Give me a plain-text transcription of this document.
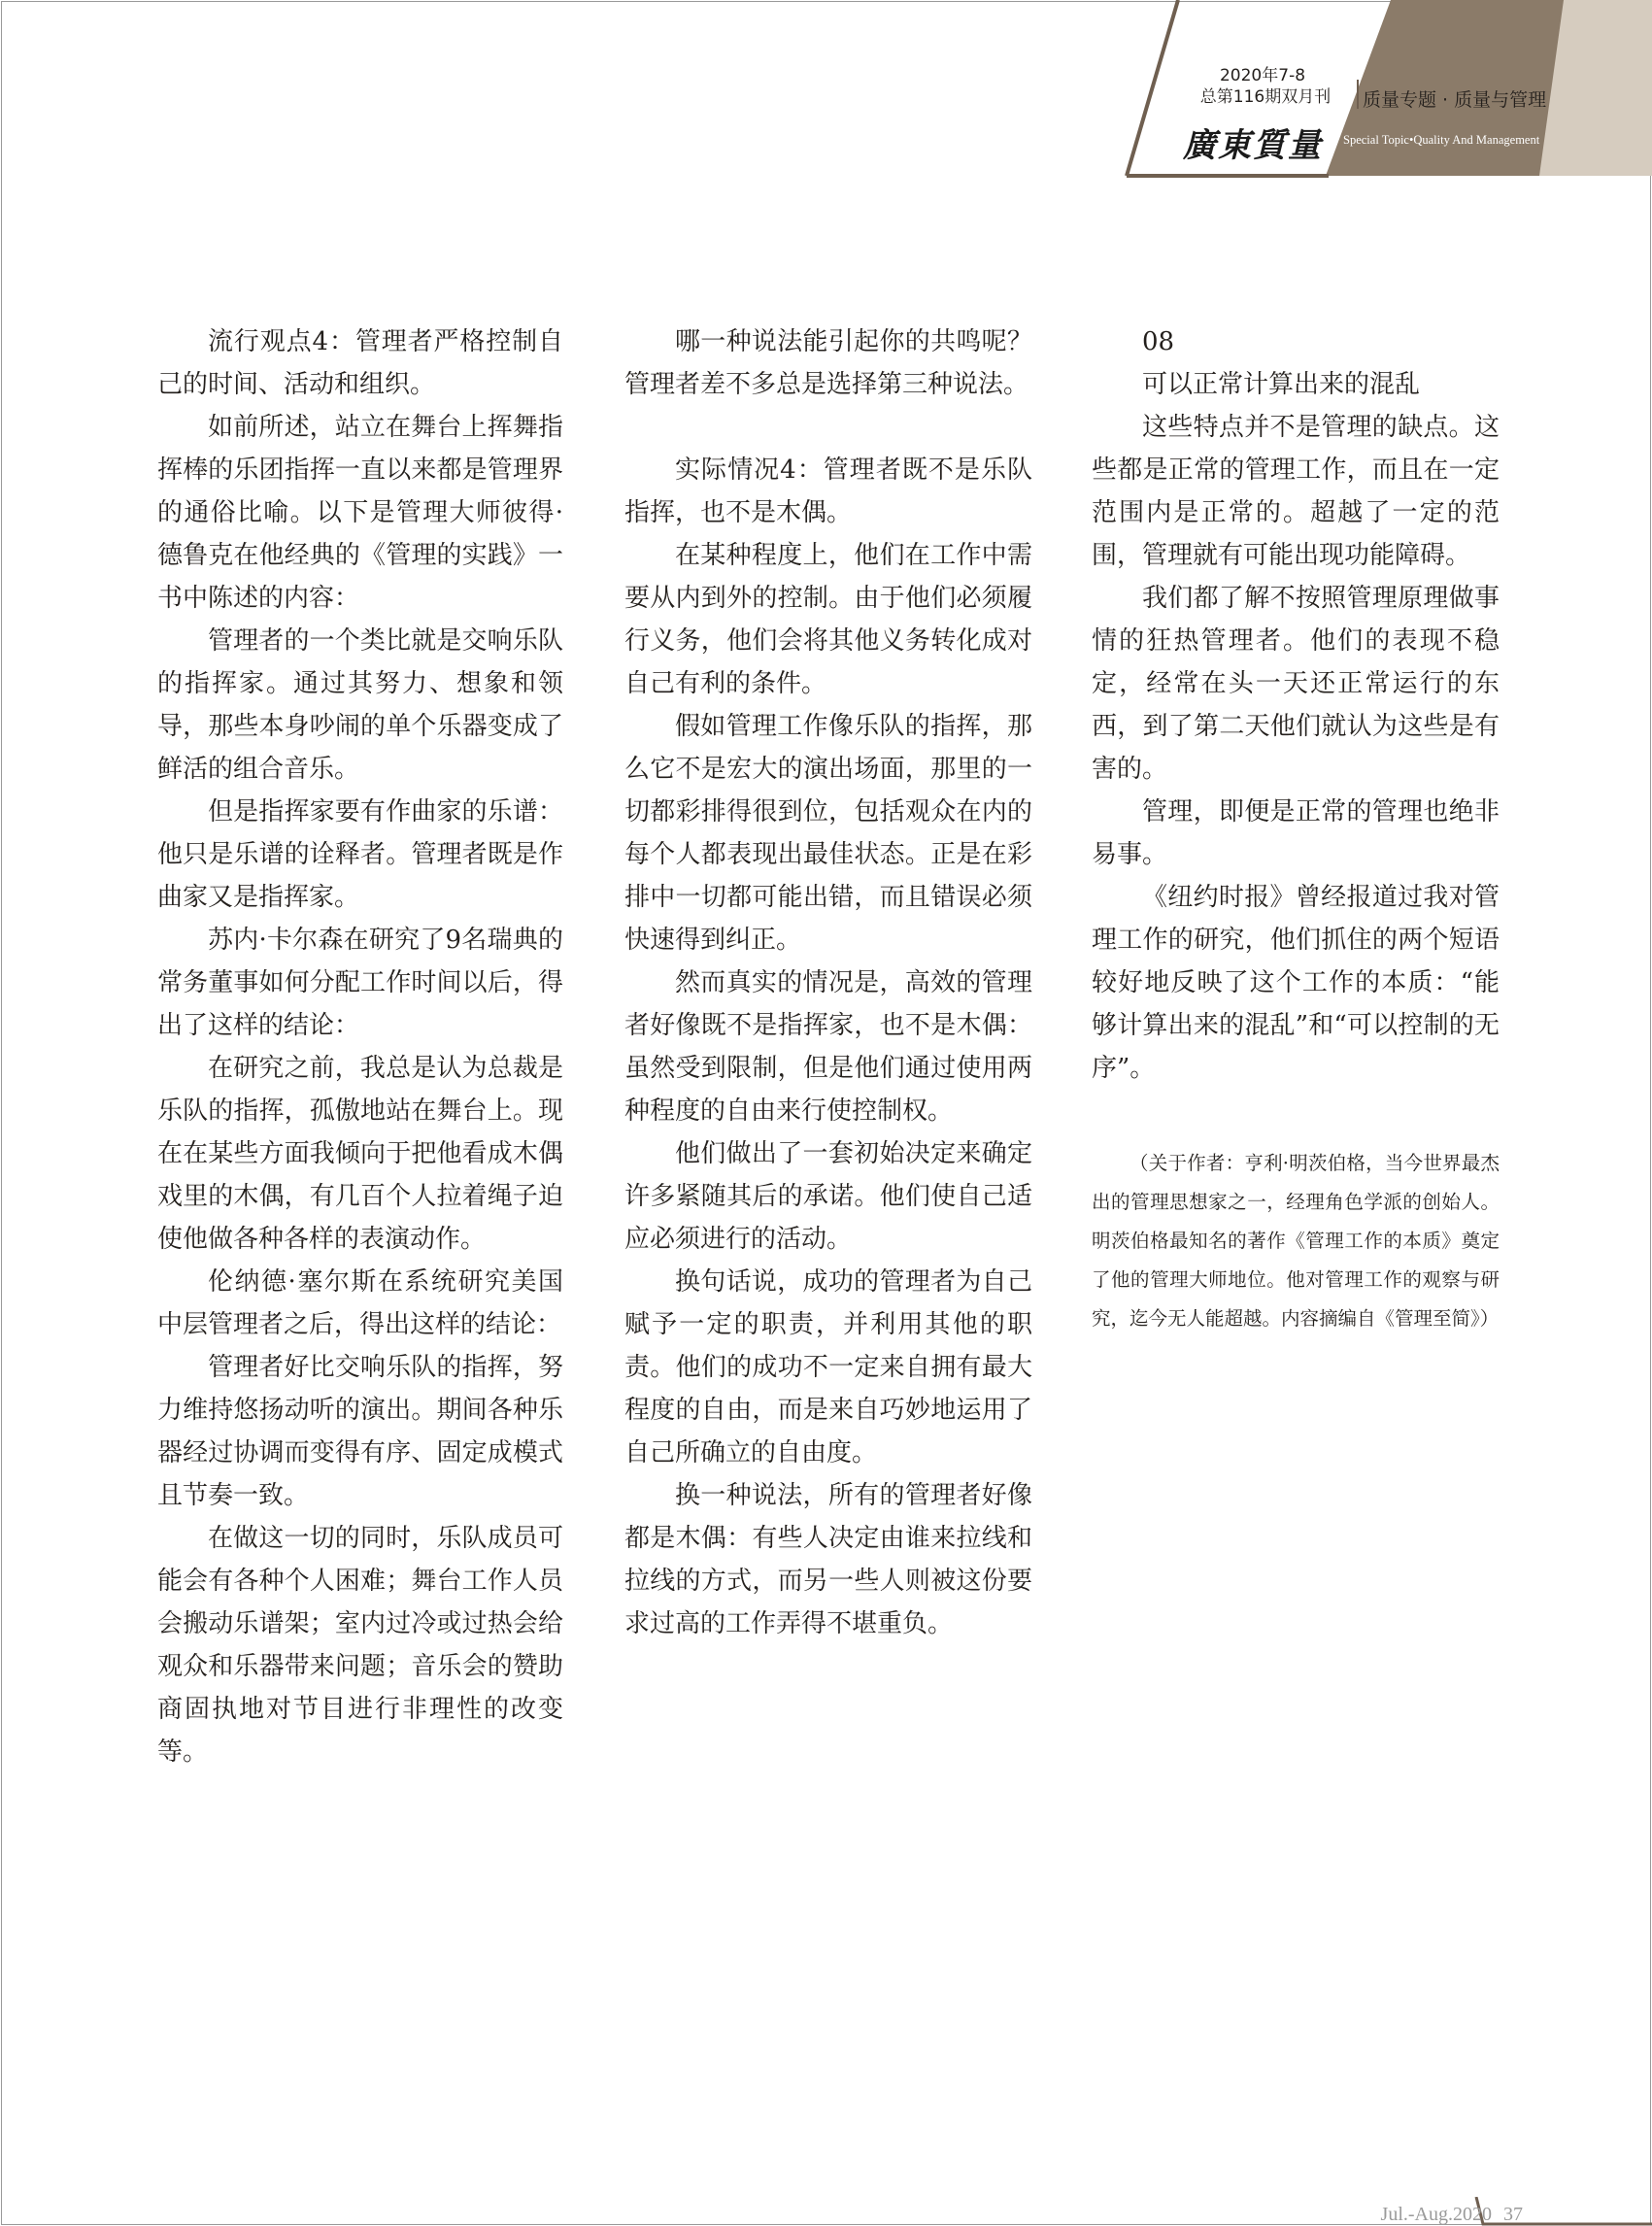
2020年7-8
总第116期双月刊	质量专题 · 质量与管理
廣東質量 Special Topic•Quality And Management

流行观点4：管理者严格控制自己的时间、活动和组织。

如前所述，站立在舞台上挥舞指挥棒的乐团指挥一直以来都是管理界的通俗比喻。以下是管理大师彼得·德鲁克在他经典的《管理的实践》一书中陈述的内容：

管理者的一个类比就是交响乐队的指挥家。通过其努力、想象和领导，那些本身吵闹的单个乐器变成了鲜活的组合音乐。

但是指挥家要有作曲家的乐谱：他只是乐谱的诠释者。管理者既是作曲家又是指挥家。

苏内·卡尔森在研究了9名瑞典的常务董事如何分配工作时间以后，得出了这样的结论：

在研究之前，我总是认为总裁是乐队的指挥，孤傲地站在舞台上。现在在某些方面我倾向于把他看成木偶戏里的木偶，有几百个人拉着绳子迫使他做各种各样的表演动作。

伦纳德·塞尔斯在系统研究美国中层管理者之后，得出这样的结论：

管理者好比交响乐队的指挥，努力维持悠扬动听的演出。期间各种乐器经过协调而变得有序、固定成模式且节奏一致。

在做这一切的同时，乐队成员可能会有各种个人困难；舞台工作人员会搬动乐谱架；室内过冷或过热会给观众和乐器带来问题；音乐会的赞助商固执地对节目进行非理性的改变等。

哪一种说法能引起你的共鸣呢？管理者差不多总是选择第三种说法。

实际情况4：管理者既不是乐队指挥，也不是木偶。

在某种程度上，他们在工作中需要从内到外的控制。由于他们必须履行义务，他们会将其他义务转化成对自己有利的条件。

假如管理工作像乐队的指挥，那么它不是宏大的演出场面，那里的一切都彩排得很到位，包括观众在内的每个人都表现出最佳状态。正是在彩排中一切都可能出错，而且错误必须快速得到纠正。

然而真实的情况是，高效的管理者好像既不是指挥家，也不是木偶：虽然受到限制，但是他们通过使用两种程度的自由来行使控制权。

他们做出了一套初始决定来确定许多紧随其后的承诺。他们使自己适应必须进行的活动。

换句话说，成功的管理者为自己赋予一定的职责，并利用其他的职责。他们的成功不一定来自拥有最大程度的自由，而是来自巧妙地运用了自己所确立的自由度。

换一种说法，所有的管理者好像都是木偶：有些人决定由谁来拉线和拉线的方式，而另一些人则被这份要求过高的工作弄得不堪重负。

08

可以正常计算出来的混乱

这些特点并不是管理的缺点。这些都是正常的管理工作，而且在一定范围内是正常的。超越了一定的范围，管理就有可能出现功能障碍。

我们都了解不按照管理原理做事情的狂热管理者。他们的表现不稳定，经常在头一天还正常运行的东西，到了第二天他们就认为这些是有害的。

管理，即便是正常的管理也绝非易事。

《纽约时报》曾经报道过我对管理工作的研究，他们抓住的两个短语较好地反映了这个工作的本质：“能够计算出来的混乱”和“可以控制的无序”。

（关于作者：亨利·明茨伯格，当今世界最杰出的管理思想家之一，经理角色学派的创始人。明茨伯格最知名的著作《管理工作的本质》奠定了他的管理大师地位。他对管理工作的观察与研究，迄今无人能超越。内容摘编自《管理至简》）

Jul.-Aug.2020 37
